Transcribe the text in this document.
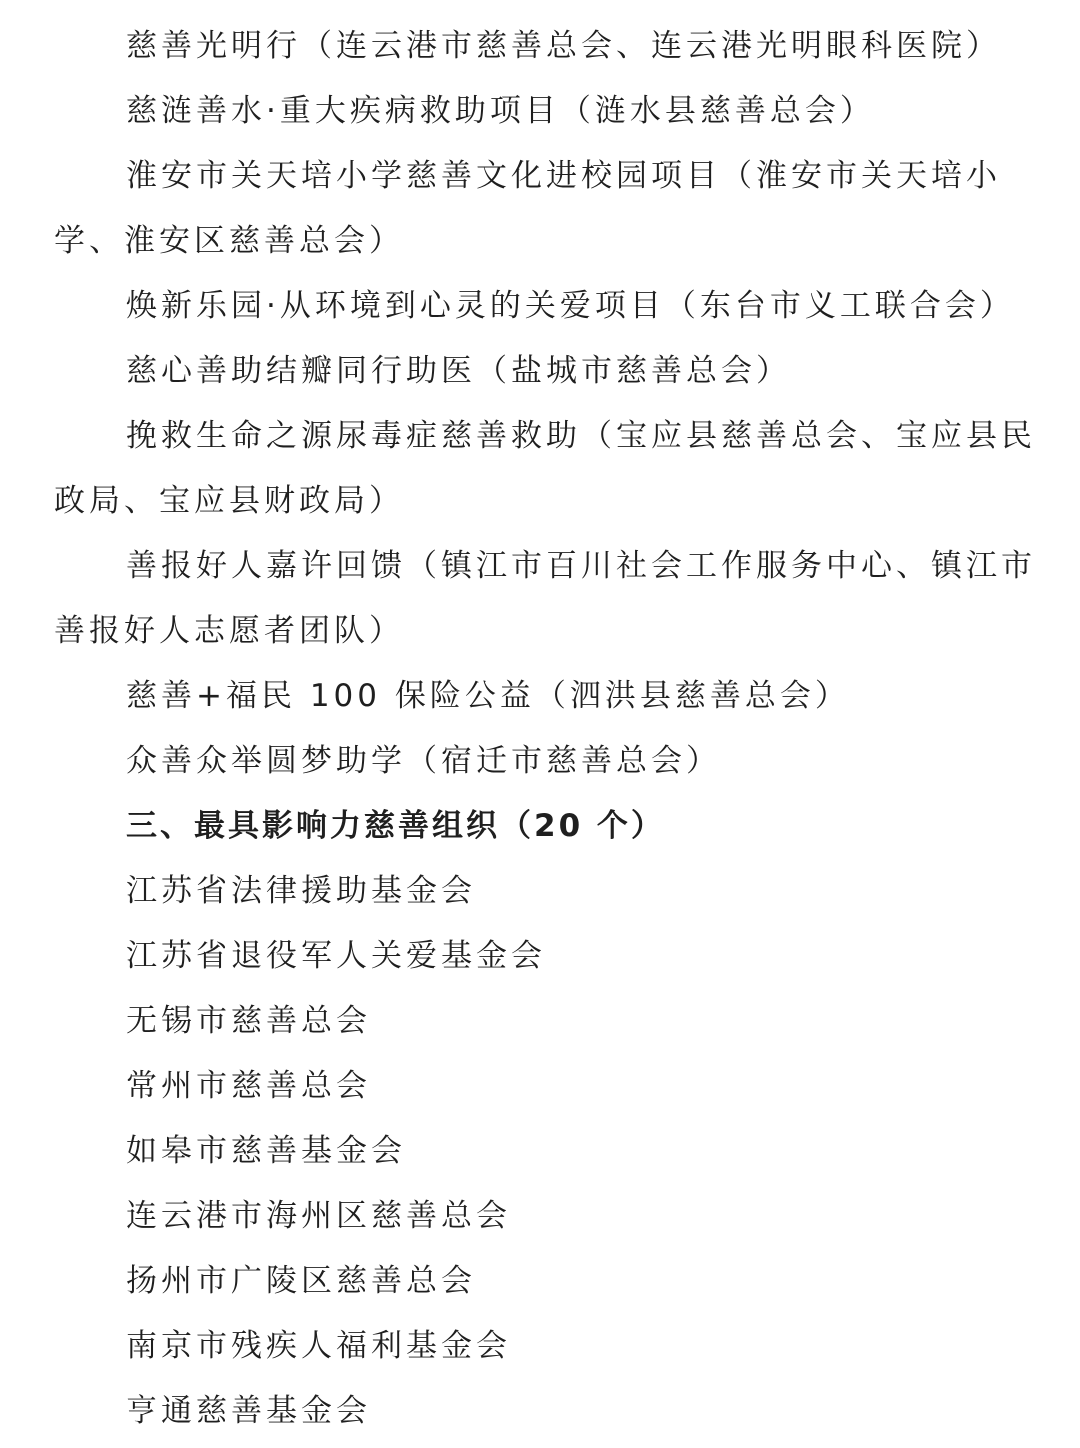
慈善光明行（连云港市慈善总会、连云港光明眼科医院）
慈涟善水·重大疾病救助项目（涟水县慈善总会）
淮安市关天培小学慈善文化进校园项目（淮安市关天培小
学、淮安区慈善总会）
焕新乐园·从环境到心灵的关爱项目（东台市义工联合会）
慈心善助结瓣同行助医（盐城市慈善总会）
挽救生命之源尿毒症慈善救助（宝应县慈善总会、宝应县民
政局、宝应县财政局）
善报好人嘉许回馈（镇江市百川社会工作服务中心、镇江市
善报好人志愿者团队）
慈善+福民 100 保险公益（泗洪县慈善总会）
众善众举圆梦助学（宿迁市慈善总会）
三、最具影响力慈善组织（20 个）
江苏省法律援助基金会
江苏省退役军人关爱基金会
无锡市慈善总会
常州市慈善总会
如皋市慈善基金会
连云港市海州区慈善总会
扬州市广陵区慈善总会
南京市残疾人福利基金会
亨通慈善基金会
